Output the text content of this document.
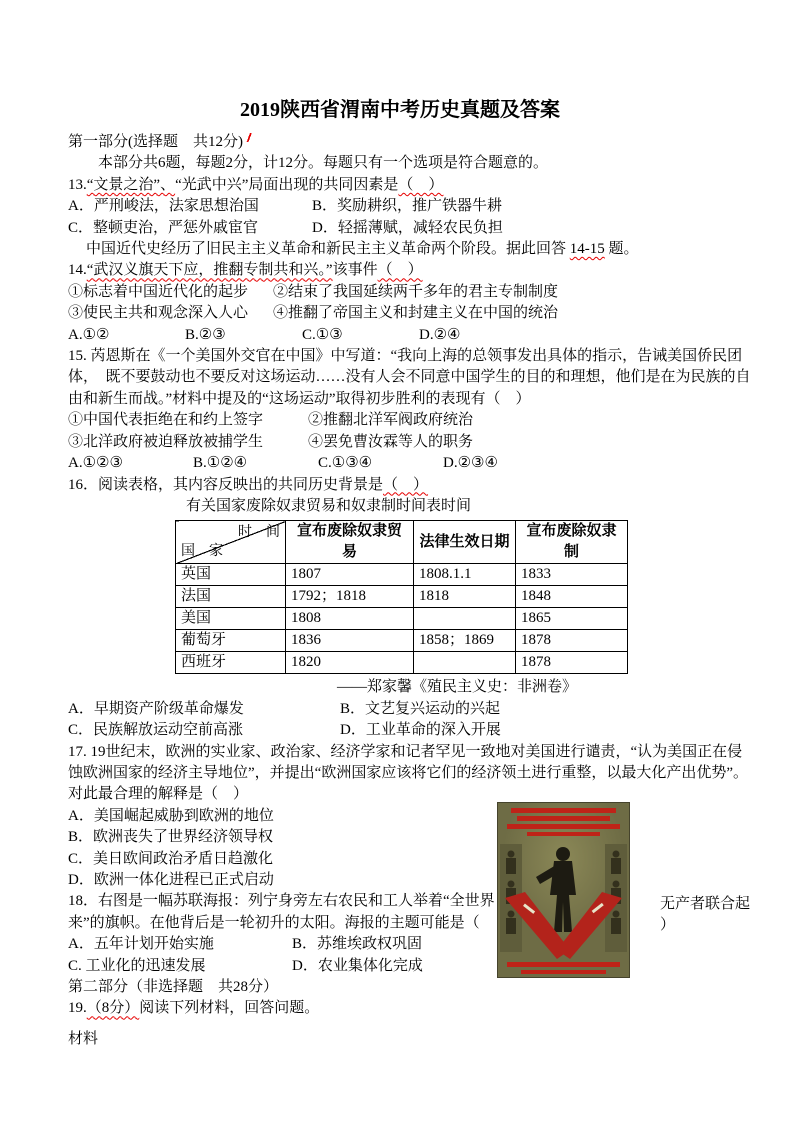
2019陕西省渭南中考历史真题及答案

第一部分(选择题　共12分)

本部分共6题，每题2分，计12分。每题只有一个选项是符合题意的。

13.“文景之治”、“光武中兴”局面出现的共同因素是（　）

A．严刑峻法，法家思想治国	B．奖励耕织，推广铁器牛耕

C．整顿吏治，严惩外戚宦官	D．轻摇薄赋，减轻农民负担

中国近代史经历了旧民主主义革命和新民主主义革命两个阶段。据此回答 14-15 题。

14.“武汉义旗天下应，推翻专制共和兴。”该事件（　）

①标志着中国近代化的起步 ②结束了我国延续两千多年的君主专制制度

③使民主共和观念深入人心 ④推翻了帝国主义和封建主义在中国的统治

A.①②	B.②③	C.①③	D.②④

15. 芮恩斯在《一个美国外交官在中国》中写道：“我向上海的总领事发出具体的指示，告诫美国侨民团

体，　既不要鼓动也不要反对这场运动……没有人会不同意中国学生的目的和理想，他们是在为民族的自

由和新生而战。”材料中提及的“这场运动”取得初步胜利的表现有（　）

①中国代表拒绝在和约上签字	②推翻北洋军阀政府统治

③北洋政府被迫释放被捕学生	④罢免曹汝霖等人的职务

A.①②③	B.①②④	C.①③④	D.②③④

16．阅读表格，其内容反映出的共同历史背景是（　）

有关国家废除奴隶贸易和奴隶制时间表时间

时　间
国　家	宣布废除奴隶贸易	法律生效日期	宣布废除奴隶制
英国	1807	1808.1.1	1833
法国	1792；1818	1818	1848
美国	1808		1865
葡萄牙	1836	1858；1869	1878
西班牙	1820		1878

——郑家馨《殖民主义史：非洲卷》

A．早期资产阶级革命爆发	B．文艺复兴运动的兴起

C．民族解放运动空前高涨	D．工业革命的深入开展

17. 19世纪末，欧洲的实业家、政治家、经济学家和记者罕见一致地对美国进行谴责，“认为美国正在侵

蚀欧洲国家的经济主导地位”，并提出“欧洲国家应该将它们的经济领土进行重整，以最大化产出优势”。

对此最合理的解释是（　）

A．美国崛起威胁到欧洲的地位

B．欧洲丧失了世界经济领导权

C．美日欧间政治矛盾日趋激化

D．欧洲一体化进程已正式启动

18．右图是一幅苏联海报：列宁身旁左右农民和工人举着“全世界

来”的旗帜。在他背后是一轮初升的太阳。海报的主题可能是（

A．五年计划开始实施	B．苏维埃政权巩固

C. 工业化的迅速发展	D．农业集体化完成

无产者联合起
）

第二部分（非选择题　共28分）

19.（8分）阅读下列材料，回答问题。

材料
